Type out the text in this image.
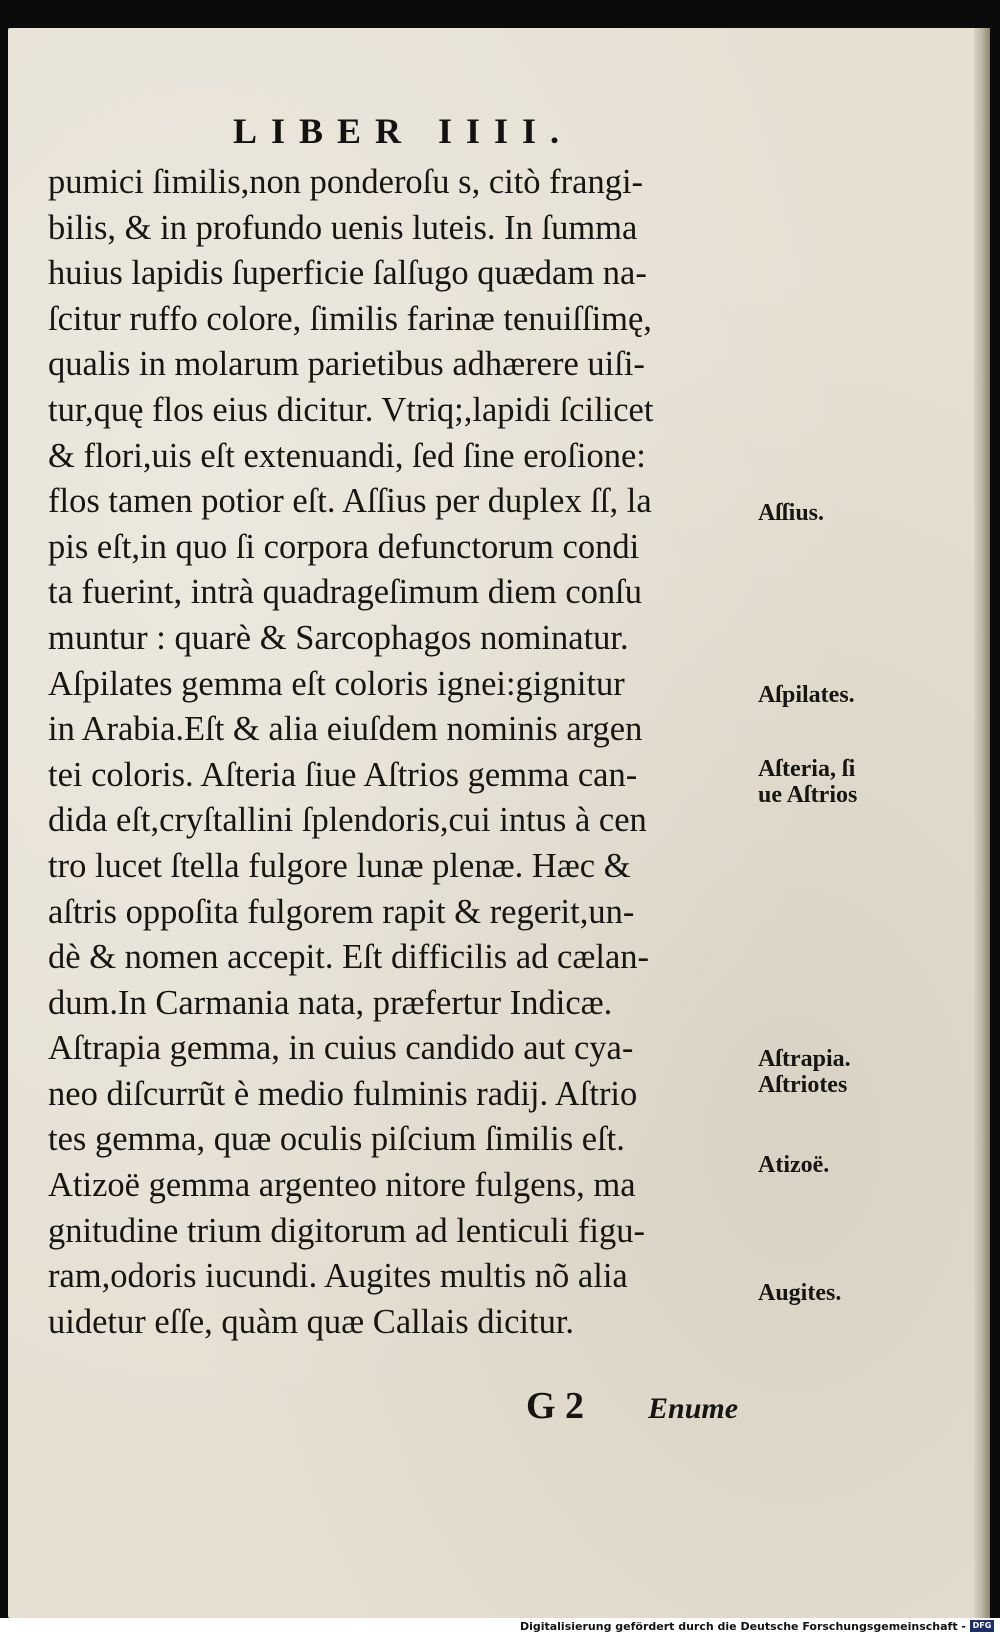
LIBER IIII.
pumici ſimilis,non ponderoſu s, citò frangi-
bilis, & in profundo uenis luteis. In ſumma
huius lapidis ſuperficie ſalſugo quædam na-
ſcitur ruffo colore, ſimilis farinæ tenuiſſimę,
qualis in molarum parietibus adhærere uiſi-
tur,quę flos eius dicitur. Vtriq;,lapidi ſcilicet
& flori,uis eſt extenuandi, ſed ſine eroſione:
flos tamen potior eſt. Aſſius per duplex ſſ, la
pis eſt,in quo ſi corpora defunctorum condi
ta fuerint, intrà quadrageſimum diem conſu
muntur : quarè & Sarcophagos nominatur.
Aſpilates gemma eſt coloris ignei:gignitur
in Arabia.Eſt & alia eiuſdem nominis argen
tei coloris. Aſteria ſiue Aſtrios gemma can-
dida eſt,cryſtallini ſplendoris,cui intus à cen
tro lucet ſtella fulgore lunæ plenæ. Hæc &
aſtris oppoſita fulgorem rapit & regerit,un-
dè & nomen accepit. Eſt difficilis ad cælan-
dum.In Carmania nata, præfertur Indicæ.
Aſtrapia gemma, in cuius candido aut cya-
neo diſcurrũt è medio fulminis radij. Aſtrio
tes gemma, quæ oculis piſcium ſimilis eſt.
Atizoë gemma argenteo nitore fulgens, ma
gnitudine trium digitorum ad lenticuli figu-
ram,odoris iucundi. Augites multis nõ alia
uidetur eſſe, quàm quæ Callais dicitur.
Aſſius.
Aſpilates.
Aſteria, ſi
ue Aſtrios
Aſtrapia.
Aſtriotes
Atizoë.
Augites.
G 2 Enume
Digitalisierung gefördert durch die Deutsche Forschungsgemeinschaft - DFG
